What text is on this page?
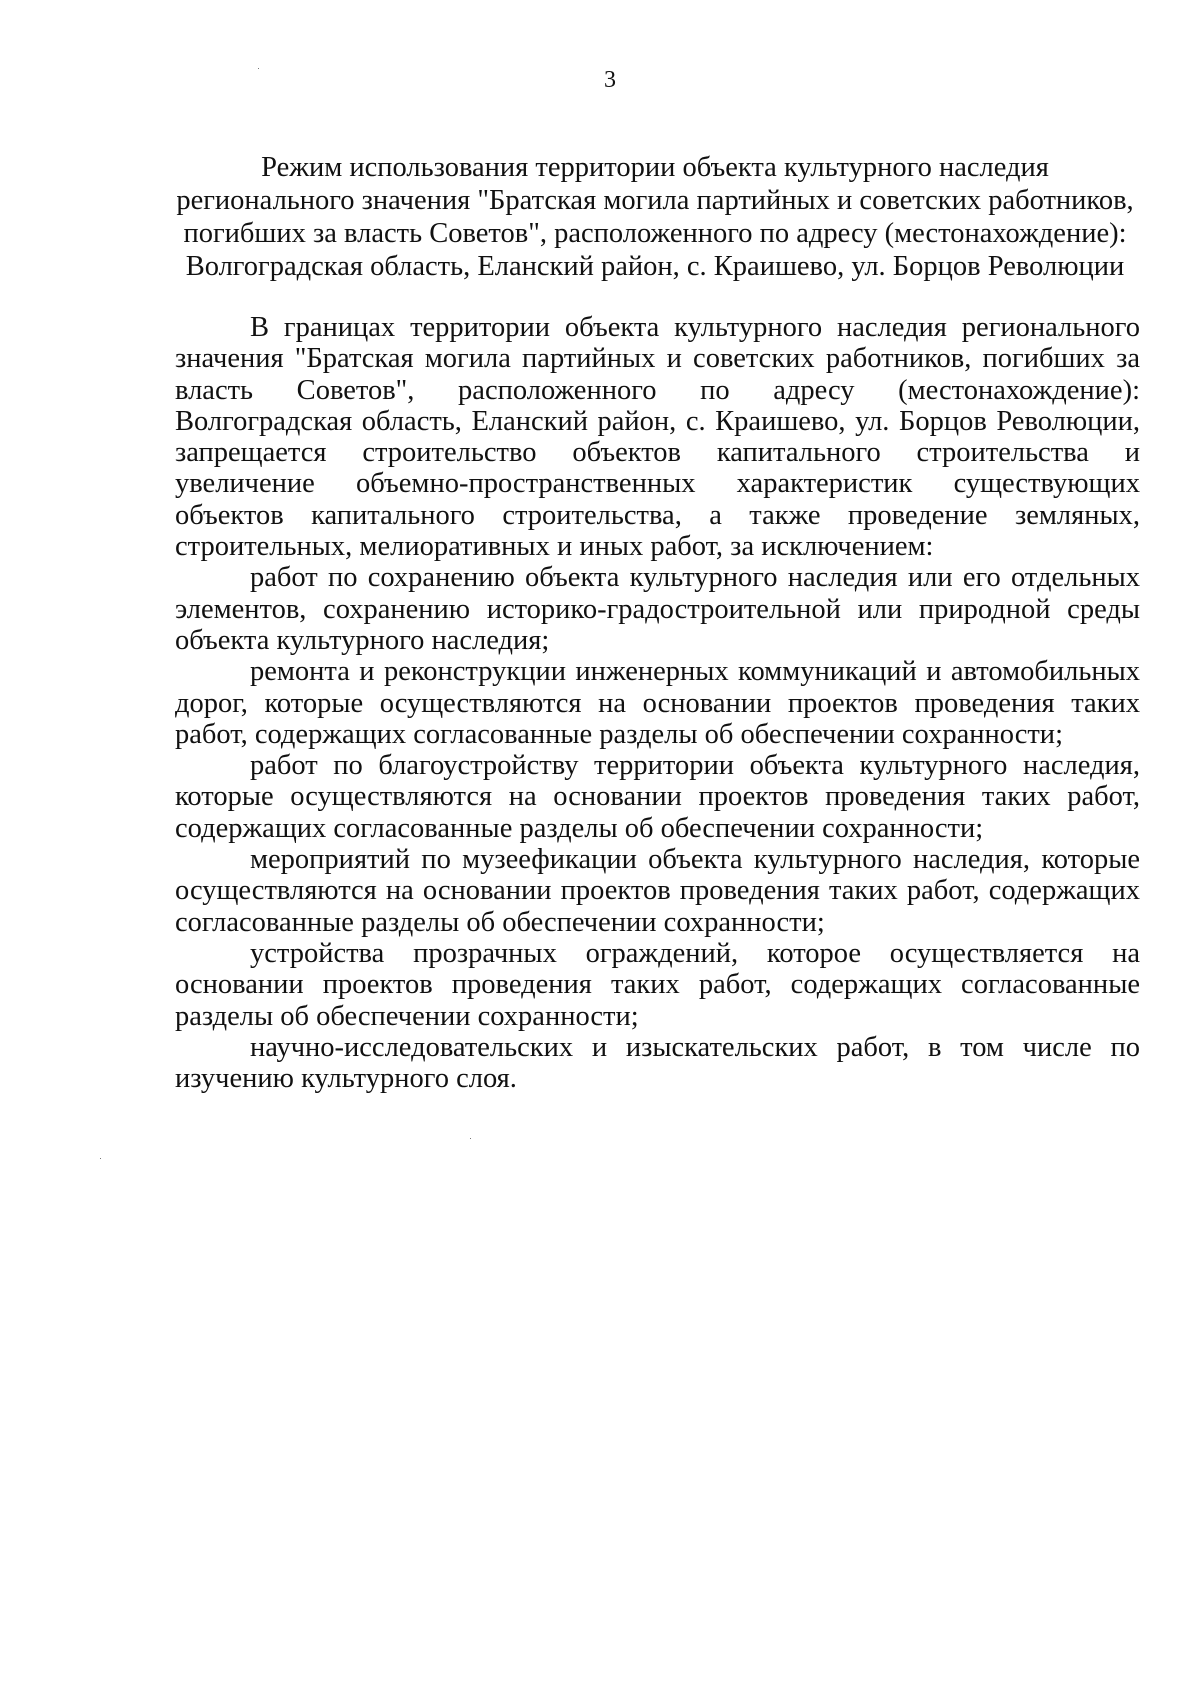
3
Режим использования территории объекта культурного наследия
регионального значения "Братская могила партийных и советских работников,
погибших за власть Советов", расположенного по адресу (местонахождение):
Волгоградская область, Еланский район, с. Краишево, ул. Борцов Революции

В границах территории объекта культурного наследия регионального значения "Братская могила партийных и советских работников, погибших за власть Советов", расположенного по адресу (местонахождение): Волгоградская область, Еланский район, с. Краишево, ул. Борцов Революции, запрещается строительство объектов капитального строительства и увеличение объемно-пространственных характеристик существующих объектов капитального строительства, а также проведение земляных, строительных, мелиоративных и иных работ, за исключением:

работ по сохранению объекта культурного наследия или его отдельных элементов, сохранению историко-градостроительной или природной среды объекта культурного наследия;

ремонта и реконструкции инженерных коммуникаций и автомобильных дорог, которые осуществляются на основании проектов проведения таких работ, содержащих согласованные разделы об обеспечении сохранности;

работ по благоустройству территории объекта культурного наследия, которые осуществляются на основании проектов проведения таких работ, содержащих согласованные разделы об обеспечении сохранности;

мероприятий по музеефикации объекта культурного наследия, которые осуществляются на основании проектов проведения таких работ, содержащих согласованные разделы об обеспечении сохранности;

устройства прозрачных ограждений, которое осуществляется на основании проектов проведения таких работ, содержащих согласованные разделы об обеспечении сохранности;

научно-исследовательских и изыскательских работ, в том числе по изучению культурного слоя.
